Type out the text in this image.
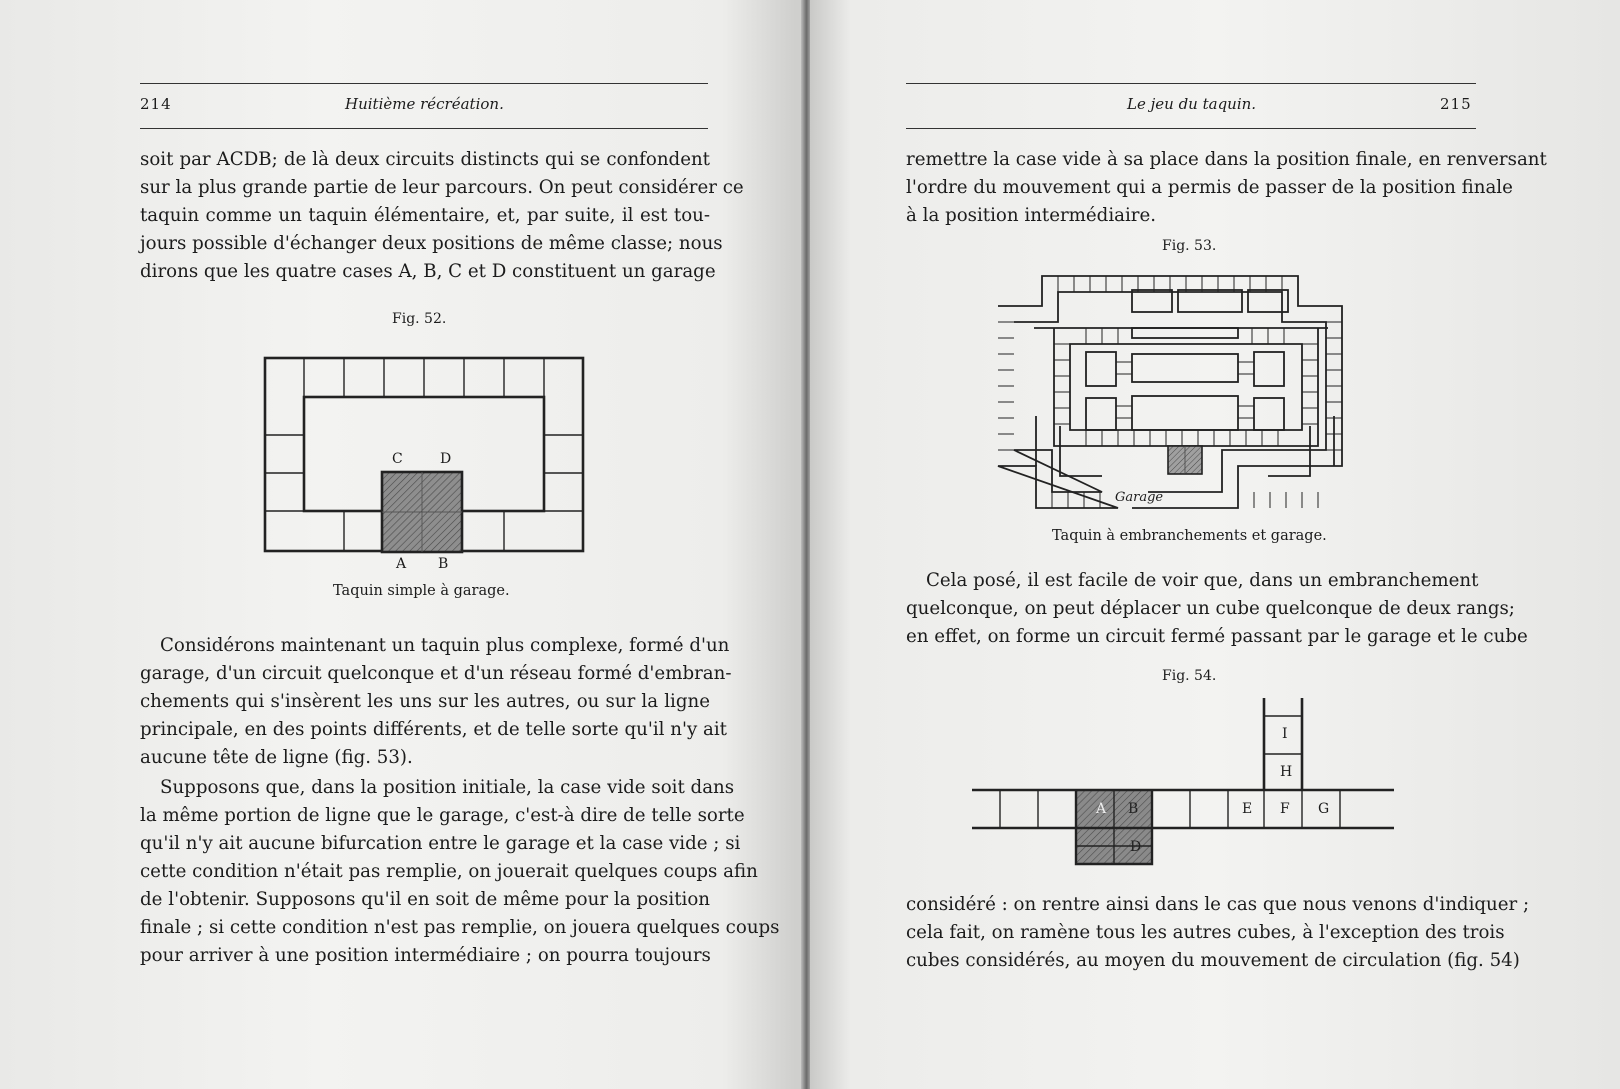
214	Huitième récréation.
soit par ACDB; de là deux circuits distincts qui se confondent
sur la plus grande partie de leur parcours. On peut considérer ce
taquin comme un taquin élémentaire, et, par suite, il est tou-
jours possible d'échanger deux positions de même classe; nous
dirons que les quatre cases A, B, C et D constituent un garage
Fig. 52.
C	D
A B
Taquin simple à garage.
Considérons maintenant un taquin plus complexe, formé d'un
garage, d'un circuit quelconque et d'un réseau formé d'embran-
chements qui s'insèrent les uns sur les autres, ou sur la ligne
principale, en des points différents, et de telle sorte qu'il n'y ait
aucune tête de ligne (fig. 53).
Supposons que, dans la position initiale, la case vide soit dans
la même portion de ligne que le garage, c'est-à dire de telle sorte
qu'il n'y ait aucune bifurcation entre le garage et la case vide ; si
cette condition n'était pas remplie, on jouerait quelques coups afin
de l'obtenir. Supposons qu'il en soit de même pour la position
finale ; si cette condition n'est pas remplie, on jouera quelques coups
pour arriver à une position intermédiaire ; on pourra toujours
Le jeu du taquin.	215
remettre la case vide à sa place dans la position finale, en renversant
l'ordre du mouvement qui a permis de passer de la position finale
à la position intermédiaire.
Fig. 53.
Garage
Taquin à embranchements et garage.
Cela posé, il est facile de voir que, dans un embranchement
quelconque, on peut déplacer un cube quelconque de deux rangs;
en effet, on forme un circuit fermé passant par le garage et le cube
Fig. 54.
I
H
E F G
A B
D
considéré : on rentre ainsi dans le cas que nous venons d'indiquer ;
cela fait, on ramène tous les autres cubes, à l'exception des trois
cubes considérés, au moyen du mouvement de circulation (fig. 54)
